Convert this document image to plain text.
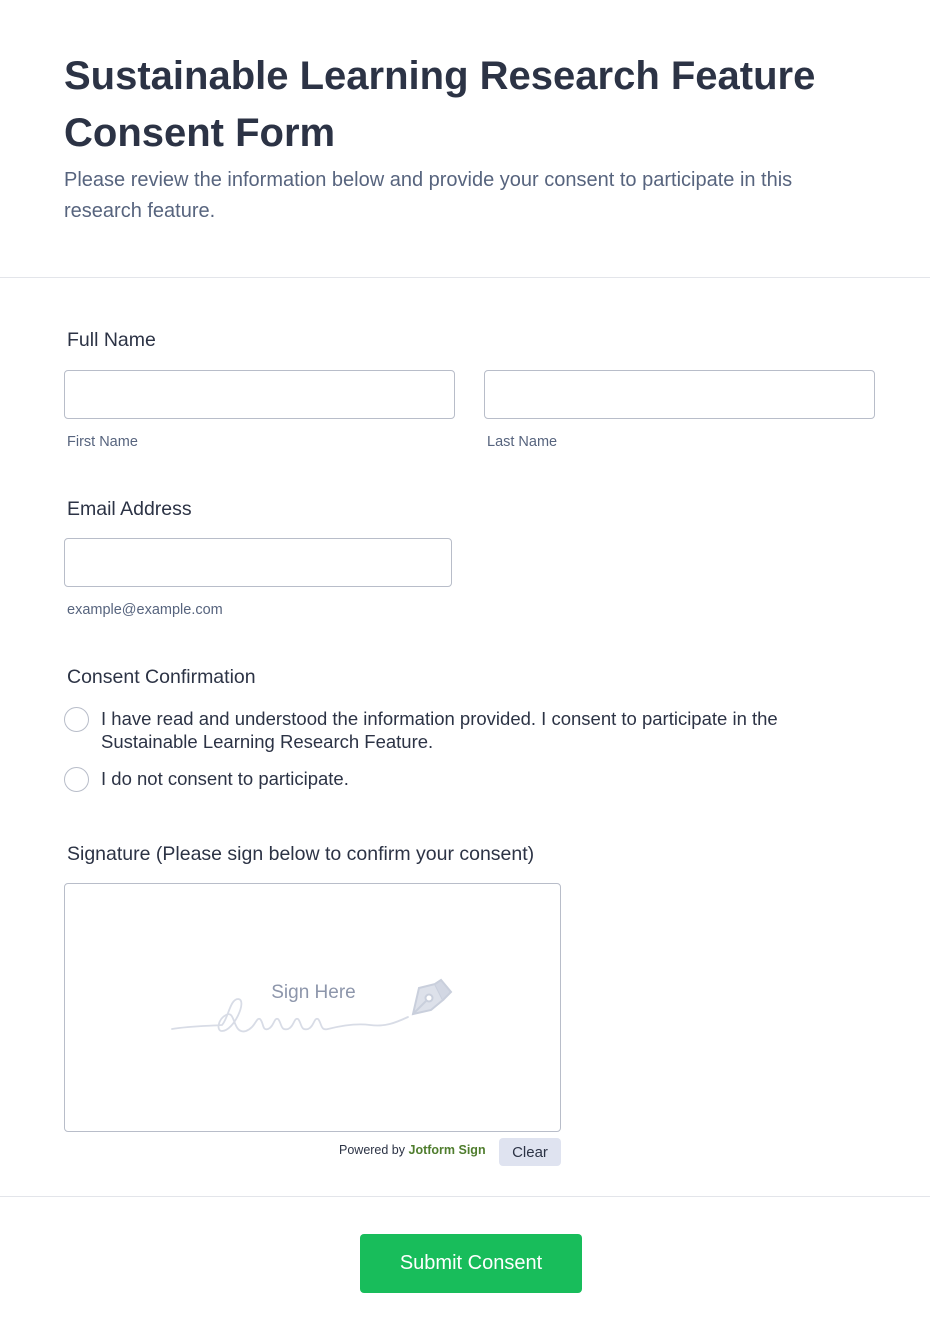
Sustainable Learning Research Feature Consent Form

Please review the information below and provide your consent to participate in this research feature.

Full Name
First Name	Last Name
Email Address
example@example.com
Consent Confirmation
I have read and understood the information provided. I consent to participate in the Sustainable Learning Research Feature.
I do not consent to participate.
Signature (Please sign below to confirm your consent)
Sign Here
Powered by Jotform Sign	Clear
Submit Consent
